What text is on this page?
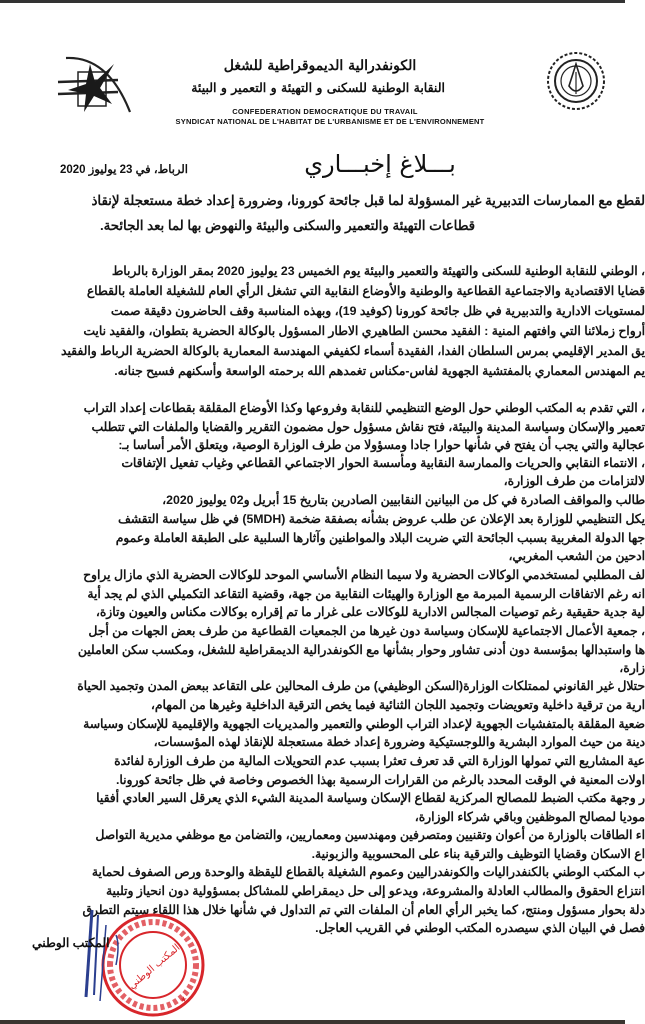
الكونفدرالية الديموقراطية للشغل
النقابة الوطنية للسكنى و التهيئة و التعمير و البيئة
CONFEDERATION DEMOCRATIQUE DU TRAVAIL
SYNDICAT NATIONAL DE L'HABITAT DE L'URBANISME ET DE L'ENVIRONNEMENT
بـــلاغ إخبـــاري
الرباط، في 23 يوليوز 2020
لقطع مع الممارسات التدبيرية غير المسؤولة لما قبل جائحة كورونا، وضرورة إعداد خطة مستعجلة لإنقاذ
قطاعات التهيئة والتعمير والسكنى والبيئة والنهوض بها لما بعد الجائحة.
، الوطني للنقابة الوطنية للسكنى والتهيئة والتعمير والبيئة يوم الخميس 23 يوليوز 2020 بمقر الوزارة بالرباط
قضايا الاقتصادية والاجتماعية القطاعية والوطنية والأوضاع النقابية التي تشغل الرأي العام للشغيلة العاملة بالقطاع
لمستويات الادارية والتدبيرية في ظل جائحة كورونا (كوفيد 19)، وبهذه المناسبة وقف الحاضرون دقيقة صمت
أرواح زملائنا التي وافتهم المنية : الفقيد محسن الطاهيري الاطار المسؤول بالوكالة الحضرية بتطوان، والفقيد نايت
يق المدير الإقليمي بمرس السلطان الفدا، الفقيدة أسماء لكفيفي المهندسة المعمارية بالوكالة الحضرية الرباط والفقيد
يم المهندس المعماري بالمفتشية الجهوية لفاس-مكناس تغمدهم الله برحمته الواسعة وأسكنهم فسيح جنانه.
، التي تقدم به المكتب الوطني حول الوضع التنظيمي للنقابة وفروعها وكذا الأوضاع المقلقة بقطاعات إعداد التراب
تعمير والإسكان وسياسة المدينة والبيئة، فتح نقاش مسؤول حول مضمون التقرير والقضايا والملفات التي تتطلب
عجالية والتي يجب أن يفتح في شأنها حوارا جادا ومسؤولا من طرف الوزارة الوصية، ويتعلق الأمر أساسا بـ:
، الانتماء النقابي والحريات والممارسة النقابية ومأسسة الحوار الاجتماعي القطاعي وغياب تفعيل الإتفاقات
لالتزامات من طرف الوزارة،
طالب والمواقف الصادرة في كل من البيانين النقابيين الصادرين بتاريخ 15 أبريل و02 يوليوز 2020،
يكل التنظيمي للوزارة بعد الإعلان عن طلب عروض بشأنه بصفقة ضخمة (5MDH) في ظل سياسة التقشف
جها الدولة المغربية بسبب الجائحة التي ضربت البلاد والمواطنين وآثارها السلبية على الطبقة العاملة وعموم
ادحين من الشعب المغربي،
لف المطلبي لمستخدمي الوكالات الحضرية ولا سيما النظام الأساسي الموحد للوكالات الحضرية الذي مازال يراوح
انه رغم الاتفاقات الرسمية المبرمة مع الوزارة والهيئات النقابية من جهة، وقضية التقاعد التكميلي الذي لم يجد أية
لية جدية حقيقية رغم توصيات المجالس الادارية للوكالات على غرار ما تم إقراره بوكالات مكناس والعيون وتازة،
، جمعية الأعمال الاجتماعية للإسكان وسياسة دون غيرها من الجمعيات القطاعية من طرف بعض الجهات من أجل
ها واستبدالها بمؤسسة دون أدنى تشاور وحوار بشأنها مع الكونفدرالية الديمقراطية للشغل، ومكسب سكن العاملين
زارة،
حتلال غير القانوني لممتلكات الوزارة(السكن الوظيفي) من طرف المحالين على التقاعد ببعض المدن وتجميد الحياة
ارية من ترقية داخلية وتعويضات وتجميد اللجان الثنائية فيما يخص الترقية الداخلية وغيرها من المهام،
ضعية المقلقة بالمتفشيات الجهوية لإعداد التراب الوطني والتعمير والمديريات الجهوية والإقليمية للإسكان وسياسة
دينة من حيث الموارد البشرية واللوجستيكية وضرورة إعداد خطة مستعجلة للإنقاذ لهذه المؤسسات،
عية المشاريع التي تمولها الوزارة التي قد تعرف تعثرا بسبب عدم التحويلات المالية من طرف الوزارة لفائدة
اولات المعنية في الوقت المحدد بالرغم من القرارات الرسمية بهذا الخصوص وخاصة في ظل جائحة كورونا.
ر وجهة مكتب الضبط للمصالح المركزية لقطاع الإسكان وسياسة المدينة الشيء الذي يعرقل السير العادي أفقيا
موديا لمصالح الموظفين وباقي شركاء الوزارة،
اء الطاقات بالوزارة من أعوان وتقنيين ومتصرفين ومهندسين ومعماريين، والتضامن مع موظفي مديرية التواصل
اع الاسكان وقضايا التوظيف والترقية بناء على المحسوبية والزبونية.
ب المكتب الوطني بالكنفدراليات والكونفدراليين وعموم الشغيلة بالقطاع لليقظة والوحدة ورص الصفوف لحماية
انتزاع الحقوق والمطالب العادلة والمشروعة، ويدعو إلى حل ديمقراطي للمشاكل بمسؤولية دون انحياز وتلبية
دلة بحوار مسؤول ومنتج، كما يخبر الرأي العام أن الملفات التي تم التداول في شأنها خلال هذا اللقاء سيتم التطرق
فصل في البيان الذي سيصدره المكتب الوطني في القريب العاجل.
المكتب الوطني
★
المكتب الوطني
